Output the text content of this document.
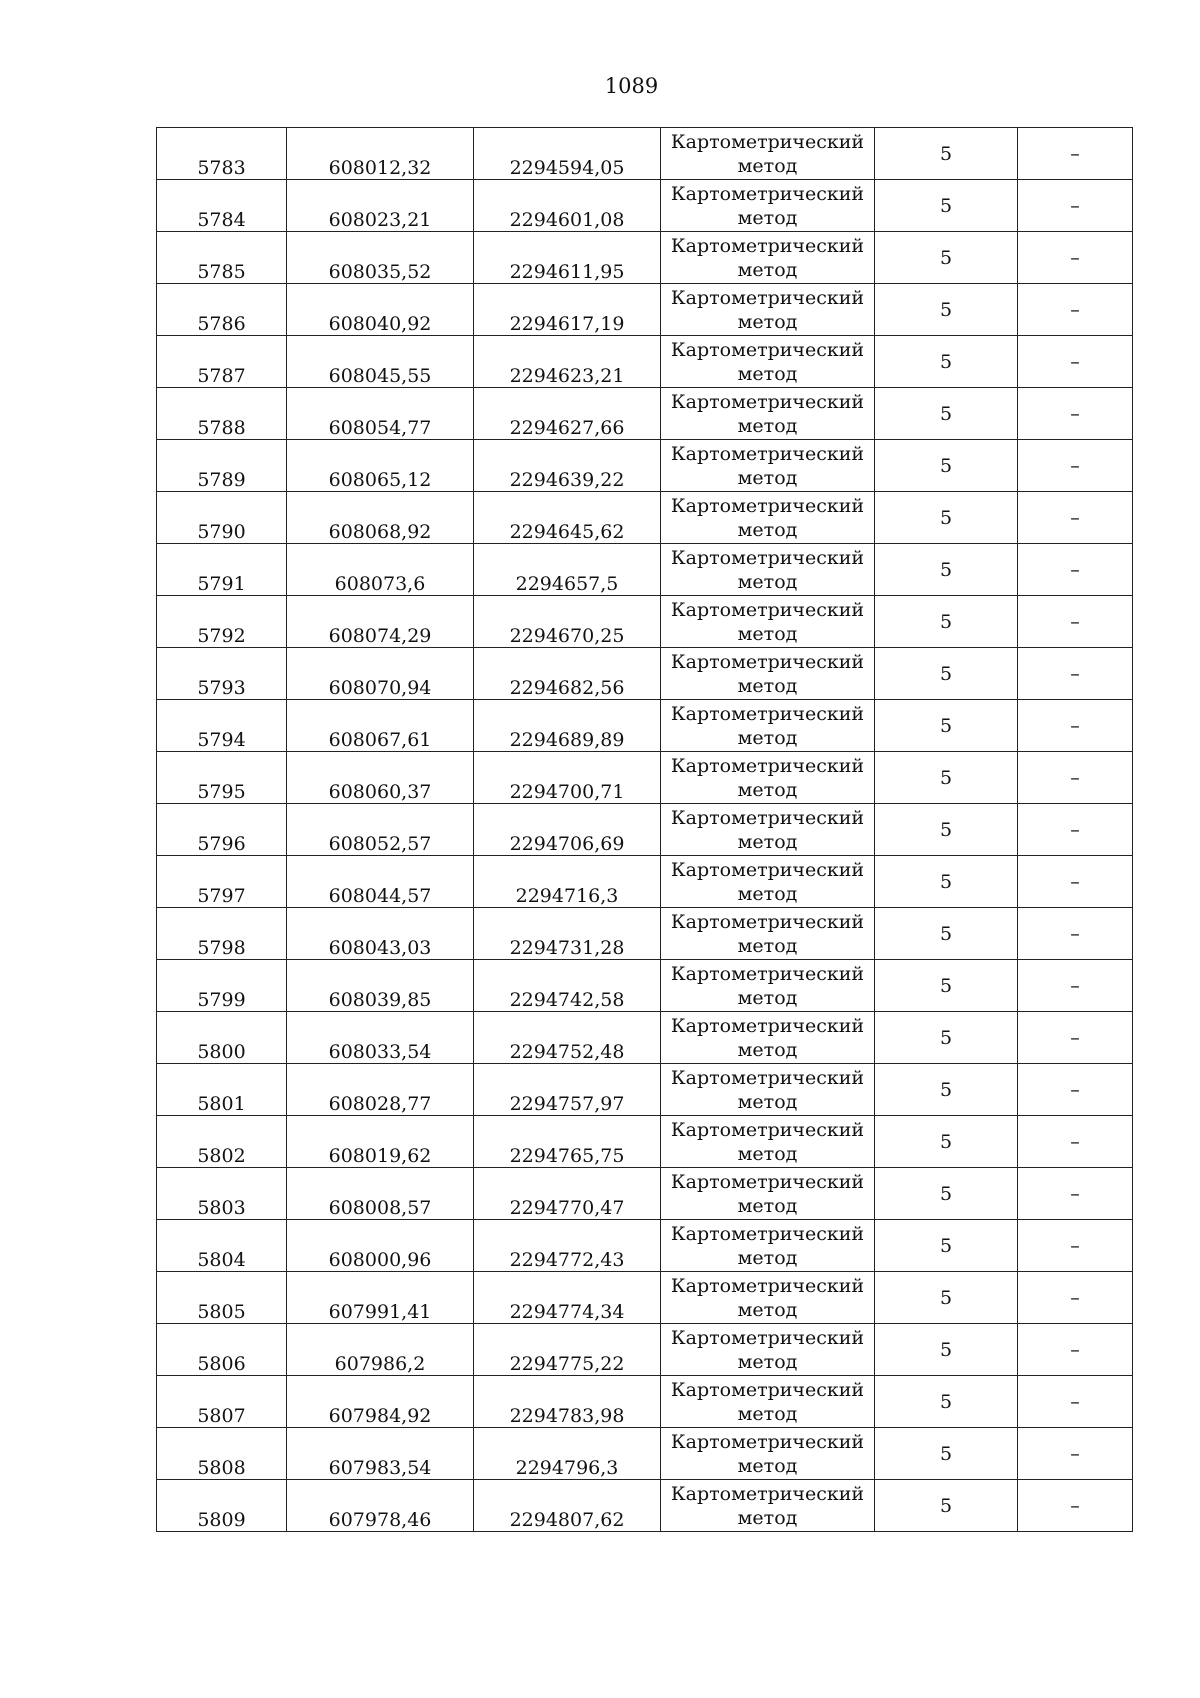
1089
5783	608012,32	2294594,05	Картометрический
метод	5	–
5784	608023,21	2294601,08	Картометрический
метод	5	–
5785	608035,52	2294611,95	Картометрический
метод	5	–
5786	608040,92	2294617,19	Картометрический
метод	5	–
5787	608045,55	2294623,21	Картометрический
метод	5	–
5788	608054,77	2294627,66	Картометрический
метод	5	–
5789	608065,12	2294639,22	Картометрический
метод	5	–
5790	608068,92	2294645,62	Картометрический
метод	5	–
5791	608073,6	2294657,5	Картометрический
метод	5	–
5792	608074,29	2294670,25	Картометрический
метод	5	–
5793	608070,94	2294682,56	Картометрический
метод	5	–
5794	608067,61	2294689,89	Картометрический
метод	5	–
5795	608060,37	2294700,71	Картометрический
метод	5	–
5796	608052,57	2294706,69	Картометрический
метод	5	–
5797	608044,57	2294716,3	Картометрический
метод	5	–
5798	608043,03	2294731,28	Картометрический
метод	5	–
5799	608039,85	2294742,58	Картометрический
метод	5	–
5800	608033,54	2294752,48	Картометрический
метод	5	–
5801	608028,77	2294757,97	Картометрический
метод	5	–
5802	608019,62	2294765,75	Картометрический
метод	5	–
5803	608008,57	2294770,47	Картометрический
метод	5	–
5804	608000,96	2294772,43	Картометрический
метод	5	–
5805	607991,41	2294774,34	Картометрический
метод	5	–
5806	607986,2	2294775,22	Картометрический
метод	5	–
5807	607984,92	2294783,98	Картометрический
метод	5	–
5808	607983,54	2294796,3	Картометрический
метод	5	–
5809	607978,46	2294807,62	Картометрический
метод	5	–
